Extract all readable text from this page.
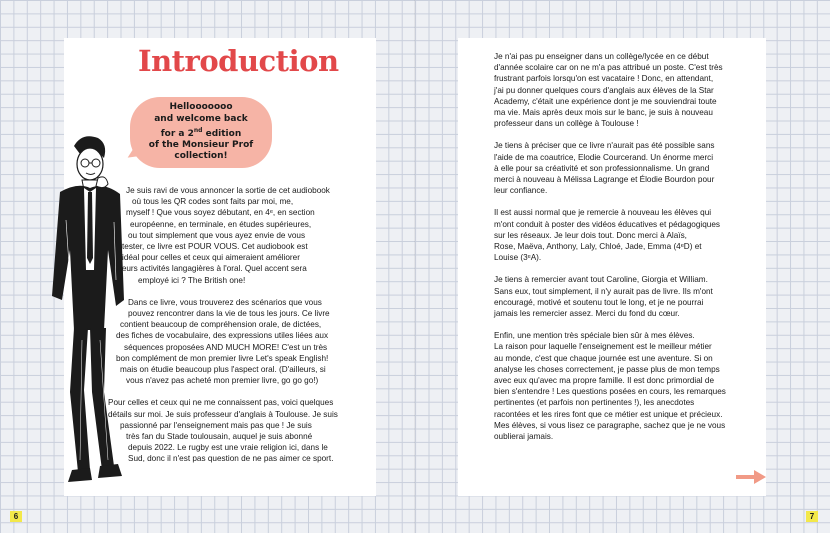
Introduction
Hellooooooo
and welcome back
for a 2nd edition
of the Monsieur Prof
collection!

Je suis ravi de vous annoncer la sortie de cet audiobook
où tous les QR codes sont faits par moi, me,
myself ! Que vous soyez débutant, en 4ᵉ, en section
européenne, en terminale, en études supérieures,
ou tout simplement que vous ayez envie de vous
tester, ce livre est POUR VOUS. Cet audiobook est
idéal pour celles et ceux qui aimeraient améliorer
leurs activités langagières à l'oral. Quel accent sera
employé ici ? The British one!

Dans ce livre, vous trouverez des scénarios que vous
pouvez rencontrer dans la vie de tous les jours. Ce livre
contient beaucoup de compréhension orale, de dictées,
des fiches de vocabulaire, des expressions utiles liées aux
séquences proposées AND MUCH MORE! C'est un très
bon complément de mon premier livre Let's speak English!
mais on étudie beaucoup plus l'aspect oral. (D'ailleurs, si
vous n'avez pas acheté mon premier livre, go go go!)

Pour celles et ceux qui ne me connaissent pas, voici quelques
détails sur moi. Je suis professeur d'anglais à Toulouse. Je suis
passionné par l'enseignement mais pas que ! Je suis
très fan du Stade toulousain, auquel je suis abonné
depuis 2022. Le rugby est une vraie religion ici, dans le
Sud, donc il n'est pas question de ne pas aimer ce sport.

Je n'ai pas pu enseigner dans un collège/lycée en ce début
d'année scolaire car on ne m'a pas attribué un poste. C'est très
frustrant parfois lorsqu'on est vacataire ! Donc, en attendant,
j'ai pu donner quelques cours d'anglais aux élèves de la Star
Academy, c'était une expérience dont je me souviendrai toute
ma vie. Mais après deux mois sur le banc, je suis à nouveau
professeur dans un collège à Toulouse !

Je tiens à préciser que ce livre n'aurait pas été possible sans
l'aide de ma coautrice, Elodie Courcerand. Un énorme merci
à elle pour sa créativité et son professionnalisme. Un grand
merci à nouveau à Mélissa Lagrange et Élodie Bourdon pour
leur confiance.

Il est aussi normal que je remercie à nouveau les élèves qui
m'ont conduit à poster des vidéos éducatives et pédagogiques
sur les réseaux. Je leur dois tout. Donc merci à Alaïs,
Rose, Maëva, Anthony, Laly, Chloé, Jade, Emma (4ᵉD) et
Louise (3ᵉA).

Je tiens à remercier avant tout Caroline, Giorgia et William.
Sans eux, tout simplement, il n'y aurait pas de livre. Ils m'ont
encouragé, motivé et soutenu tout le long, et je ne pourrai
jamais les remercier assez. Merci du fond du cœur.

Enfin, une mention très spéciale bien sûr à mes élèves.
La raison pour laquelle l'enseignement est le meilleur métier
au monde, c'est que chaque journée est une aventure. Si on
analyse les choses correctement, je passe plus de mon temps
avec eux qu'avec ma propre famille. Il est donc primordial de
bien s'entendre ! Les questions posées en cours, les remarques
pertinentes (et parfois non pertinentes !), les anecdotes
racontées et les rires font que ce métier est unique et précieux.
Mes élèves, si vous lisez ce paragraphe, sachez que je ne vous
oublierai jamais.

6	7
